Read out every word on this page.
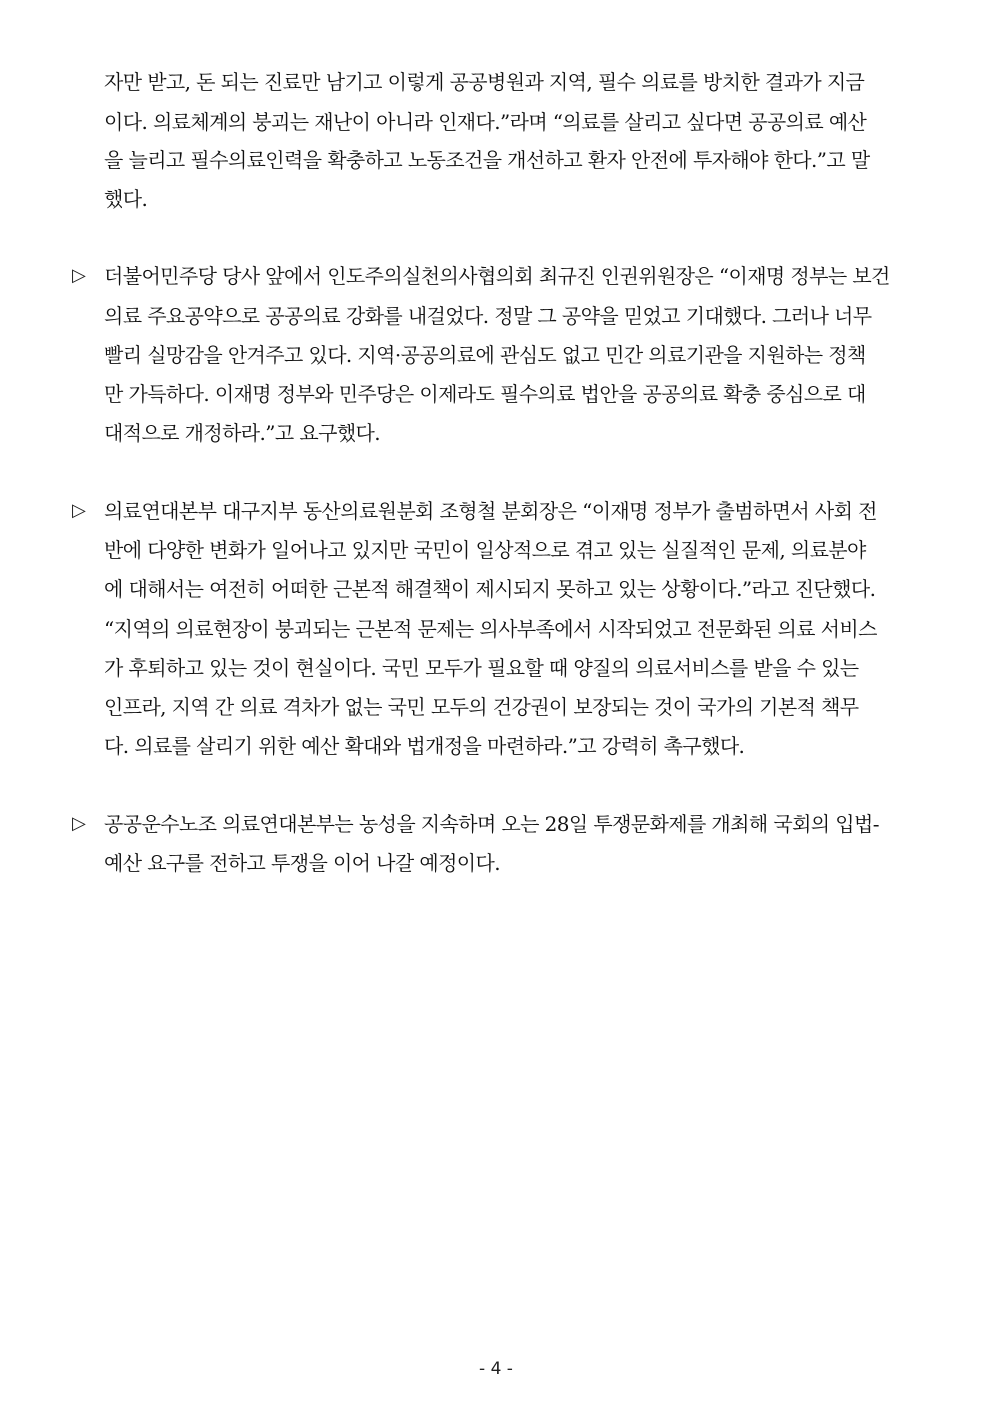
자만 받고, 돈 되는 진료만 남기고 이렇게 공공병원과 지역, 필수 의료를 방치한 결과가 지금
이다. 의료체계의 붕괴는 재난이 아니라 인재다.”라며 “의료를 살리고 싶다면 공공의료 예산
을 늘리고 필수의료인력을 확충하고 노동조건을 개선하고 환자 안전에 투자해야 한다.”고 말
했다.
▷ 더불어민주당 당사 앞에서 인도주의실천의사협의회 최규진 인권위원장은 “이재명 정부는 보건
의료 주요공약으로 공공의료 강화를 내걸었다. 정말 그 공약을 믿었고 기대했다. 그러나 너무
빨리 실망감을 안겨주고 있다. 지역·공공의료에 관심도 없고 민간 의료기관을 지원하는 정책
만 가득하다. 이재명 정부와 민주당은 이제라도 필수의료 법안을 공공의료 확충 중심으로 대
대적으로 개정하라.”고 요구했다.
▷ 의료연대본부 대구지부 동산의료원분회 조형철 분회장은 “이재명 정부가 출범하면서 사회 전
반에 다양한 변화가 일어나고 있지만 국민이 일상적으로 겪고 있는 실질적인 문제, 의료분야
에 대해서는 여전히 어떠한 근본적 해결책이 제시되지 못하고 있는 상황이다.”라고 진단했다.
“지역의 의료현장이 붕괴되는 근본적 문제는 의사부족에서 시작되었고 전문화된 의료 서비스
가 후퇴하고 있는 것이 현실이다. 국민 모두가 필요할 때 양질의 의료서비스를 받을 수 있는
인프라, 지역 간 의료 격차가 없는 국민 모두의 건강권이 보장되는 것이 국가의 기본적 책무
다. 의료를 살리기 위한 예산 확대와 법개정을 마련하라.”고 강력히 촉구했다.
▷ 공공운수노조 의료연대본부는 농성을 지속하며 오는 28일 투쟁문화제를 개최해 국회의 입법-
예산 요구를 전하고 투쟁을 이어 나갈 예정이다.
- 4 -
